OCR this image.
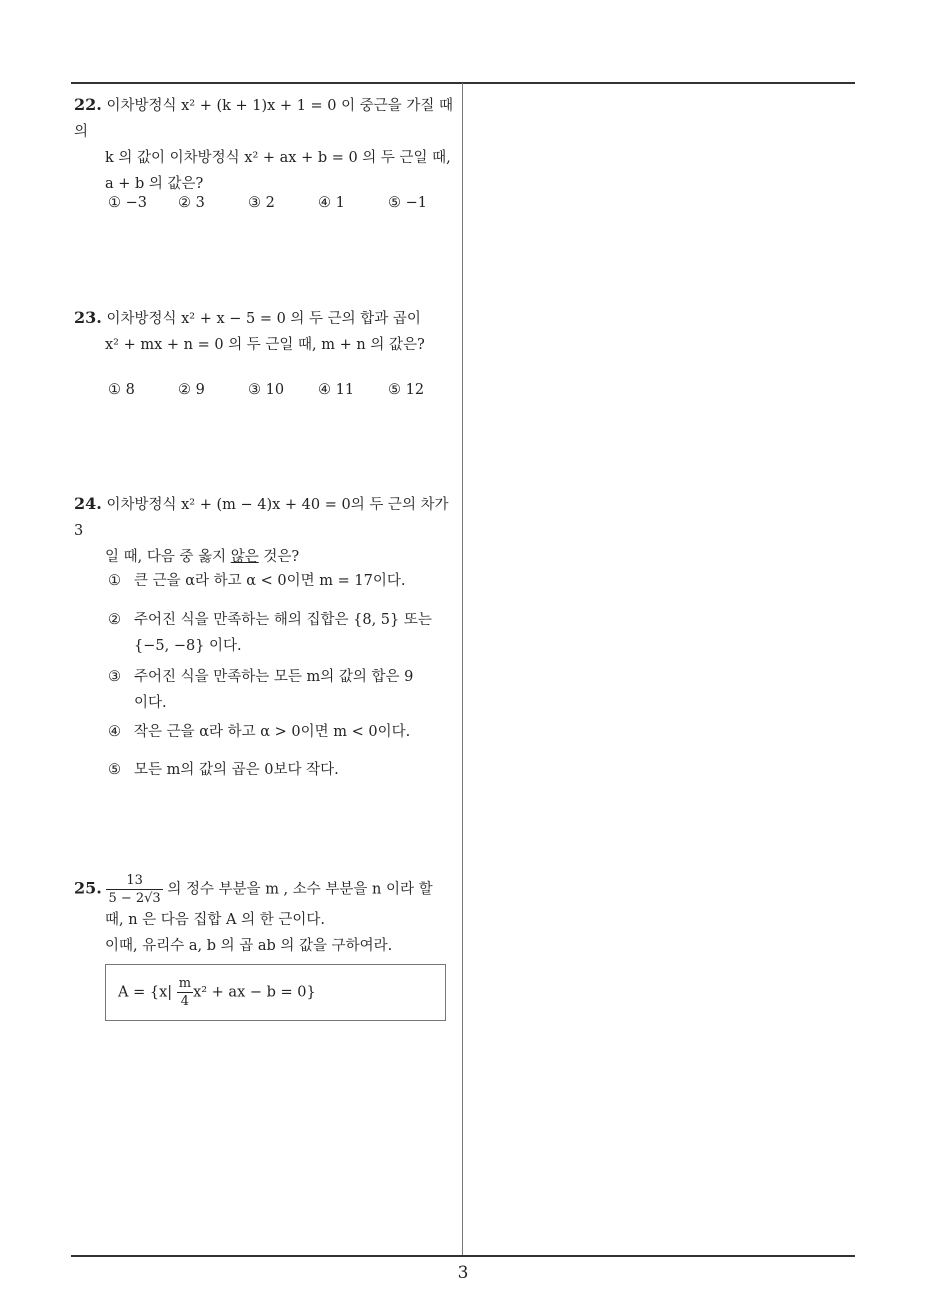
22. 이차방정식 x² + (k + 1)x + 1 = 0 이 중근을 가질 때의
k 의 값이 이차방정식 x² + ax + b = 0 의 두 근일 때,
a + b 의 값은?
① −3 ② 3	③ 2	④ 1	⑤ −1
23. 이차방정식 x² + x − 5 = 0 의 두 근의 합과 곱이
x² + mx + n = 0 의 두 근일 때, m + n 의 값은?
① 8	② 9	③ 10 ④ 11 ⑤ 12
24. 이차방정식 x² + (m − 4)x + 40 = 0의 두 근의 차가 3
일 때, 다음 중 옳지 않은 것은?
① 큰 근을 α라 하고 α < 0이면 m = 17이다.
② 주어진 식을 만족하는 해의 집합은 {8, 5} 또는
{−5, −8} 이다.
③ 주어진 식을 만족하는 모든 m의 값의 합은 9
이다.
④ 작은 근을 α라 하고 α > 0이면 m < 0이다.
⑤ 모든 m의 값의 곱은 0보다 작다.
25. $\frac{13}{5 - 2√3}$ 의 정수 부분을 m , 소수 부분을 n 이라 할
때, n 은 다음 집합 A 의 한 근이다.
이때, 유리수 a, b 의 곱 ab 의 값을 구하여라.
$A = \{x| \frac{m}{4} x^2$ + ax − b = 0}
3
